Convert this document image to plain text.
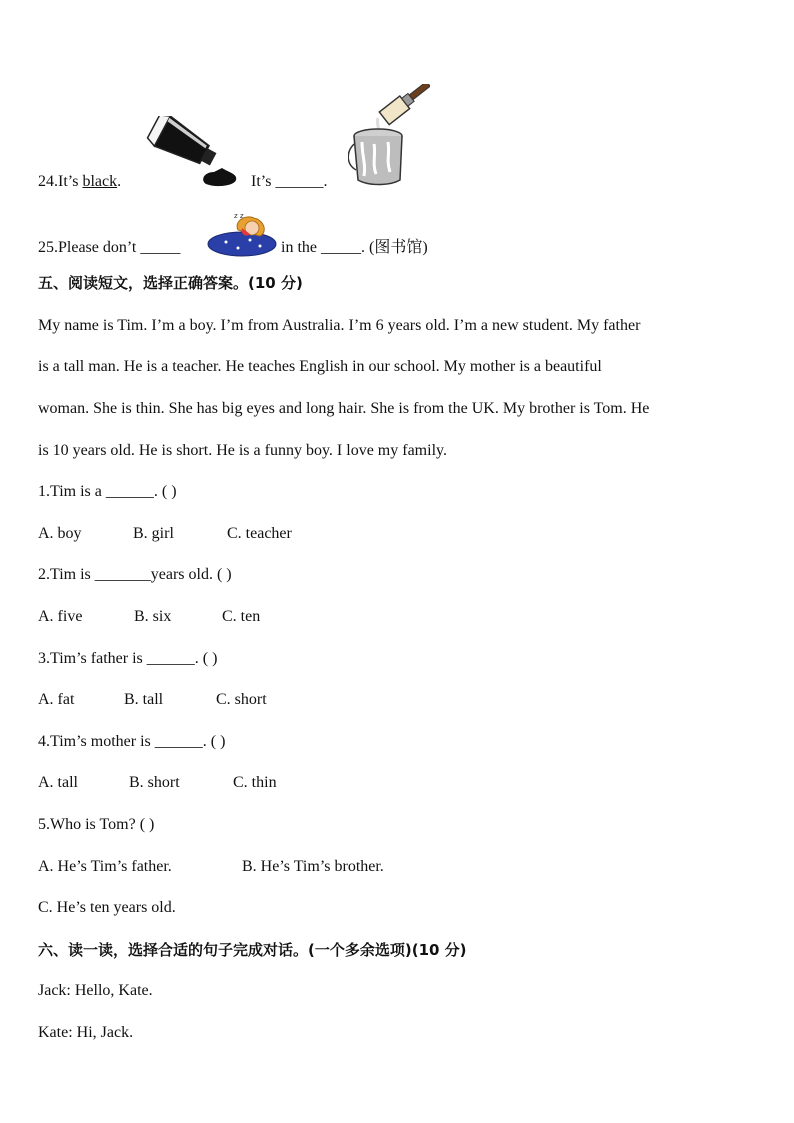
24.It’s black.	It’s ______.
25.Please don’t _____	in the _____. (图书馆)
z z
五、阅读短文，选择正确答案。(10 分)
My name is Tim. I’m a boy. I’m from Australia. I’m 6 years old. I’m a new student. My father
is a tall man. He is a teacher. He teaches English in our school. My mother is a beautiful
woman. She is thin. She has big eyes and long hair. She is from the UK. My brother is Tom. He
is 10 years old. He is short. He is a funny boy. I love my family.
1.Tim is a ______. ( )
A. boy	B. girl	C. teacher
2.Tim is _______years old. ( )
A. five	B. six	C. ten
3.Tim’s father is ______. ( )
A. fat	B. tall	C. short
4.Tim’s mother is ______. ( )
A. tall	B. short	C. thin
5.Who is Tom? ( )
A. He’s Tim’s father.	B. He’s Tim’s brother.
C. He’s ten years old.
六、读一读，选择合适的句子完成对话。(一个多余选项)(10 分)
Jack: Hello, Kate.
Kate: Hi, Jack.
